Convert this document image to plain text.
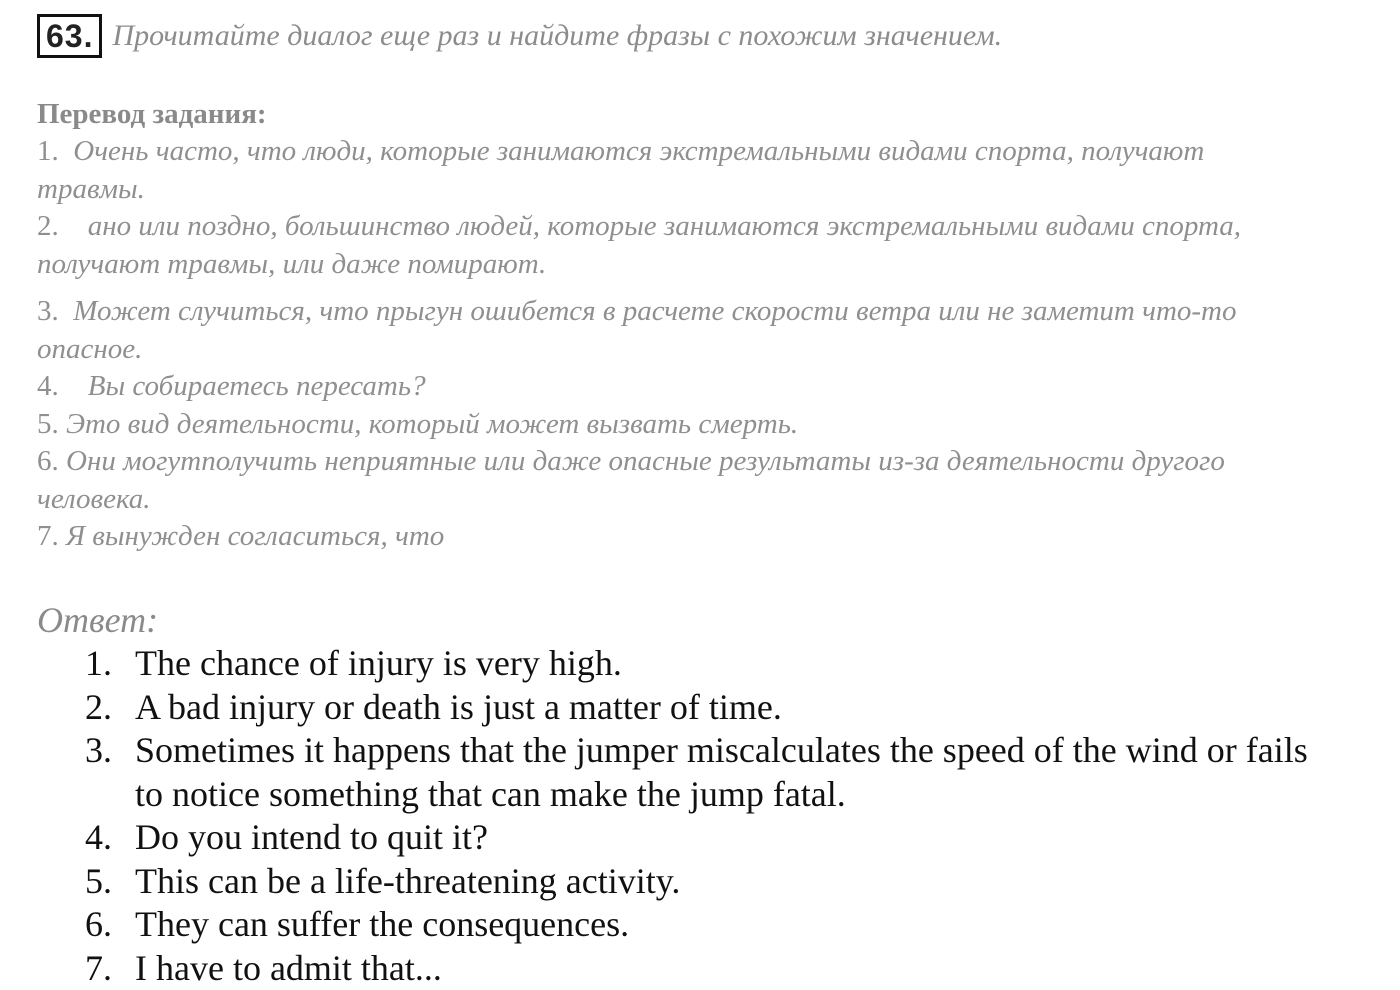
63. Прочитайте диалог еще раз и найдите фразы с похожим значением.
Перевод задания:
1. Очень часто, что люди, которые занимаются экстремальными видами спорта, получают травмы.
2. ано или поздно, большинство людей, которые занимаются экстремальными видами спорта, получают травмы, или даже помирают.
3. Может случиться, что прыгун ошибется в расчете скорости ветра или не заметит что-то опасное.
4. Вы собираетесь пересать?
5. Это вид деятельности, который может вызвать смерть.
6. Они могутполучить неприятные или даже опасные результаты из-за деятельности другого человека.
7. Я вынужден согласиться, что
Ответ:
1. The chance of injury is very high.
2. A bad injury or death is just a matter of time.
3. Sometimes it happens that the jumper miscalculates the speed of the wind or fails to notice something that can make the jump fatal.
4. Do you intend to quit it?
5. This can be a life-threatening activity.
6. They can suffer the consequences.
7. I have to admit that...
